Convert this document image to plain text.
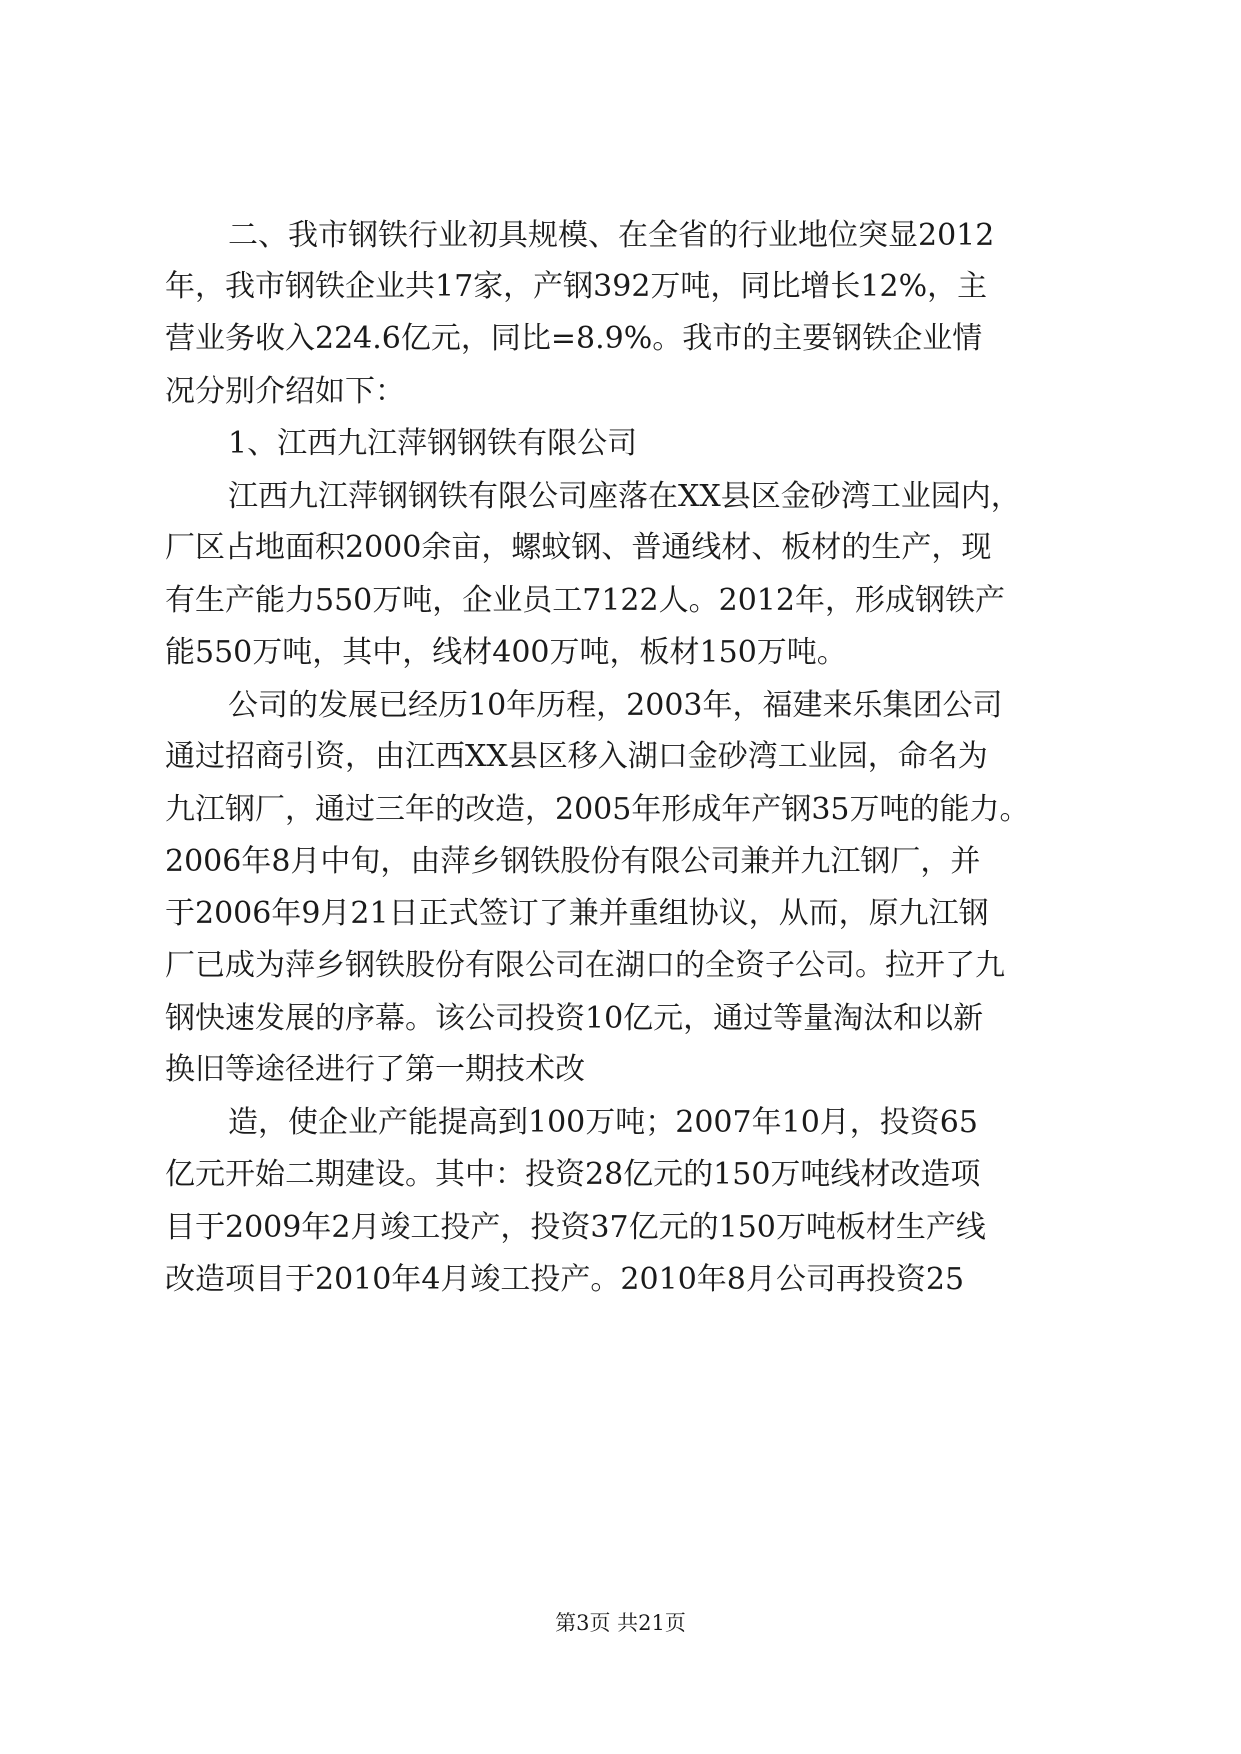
二、我市钢铁行业初具规模、在全省的行业地位突显2012
年，我市钢铁企业共17家，产钢392万吨，同比增长12%，主
营业务收入224.6亿元，同比=8.9%。我市的主要钢铁企业情
况分别介绍如下：
1、江西九江萍钢钢铁有限公司
江西九江萍钢钢铁有限公司座落在XX县区金砂湾工业园内，
厂区占地面积2000余亩，螺蚊钢、普通线材、板材的生产，现
有生产能力550万吨，企业员工7122人。2012年，形成钢铁产
能550万吨，其中，线材400万吨，板材150万吨。
公司的发展已经历10年历程，2003年，福建来乐集团公司
通过招商引资，由江西XX县区移入湖口金砂湾工业园，命名为
九江钢厂，通过三年的改造，2005年形成年产钢35万吨的能力。
2006年8月中旬，由萍乡钢铁股份有限公司兼并九江钢厂，并
于2006年9月21日正式签订了兼并重组协议，从而，原九江钢
厂已成为萍乡钢铁股份有限公司在湖口的全资子公司。拉开了九
钢快速发展的序幕。该公司投资10亿元，通过等量淘汰和以新
换旧等途径进行了第一期技术改
造，使企业产能提高到100万吨；2007年10月，投资65
亿元开始二期建设。其中：投资28亿元的150万吨线材改造项
目于2009年2月竣工投产，投资37亿元的150万吨板材生产线
改造项目于2010年4月竣工投产。2010年8月公司再投资25
第3页 共21页
